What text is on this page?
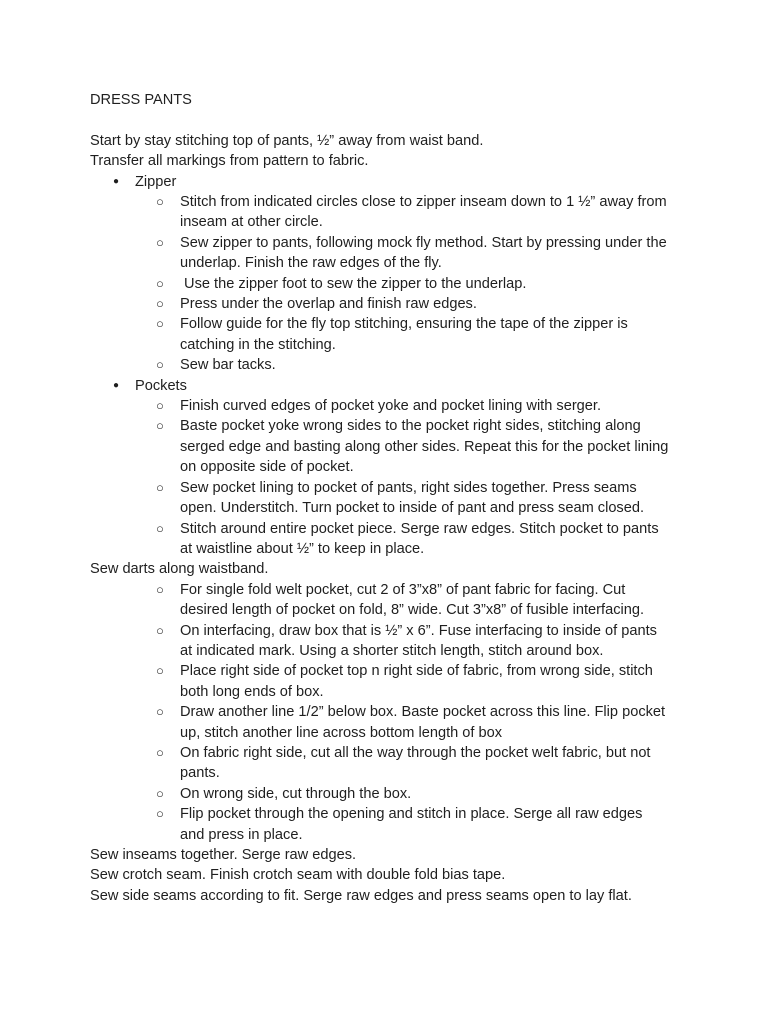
DRESS PANTS
Start by stay stitching top of pants, ½” away from waist band.
Transfer all markings from pattern to fabric.
● Zipper
○ Stitch from indicated circles close to zipper inseam down to 1 ½” away from inseam at other circle.
○ Sew zipper to pants, following mock fly method. Start by pressing under the underlap. Finish the raw edges of the fly.
○ Use the zipper foot to sew the zipper to the underlap.
○ Press under the overlap and finish raw edges.
○ Follow guide for the fly top stitching, ensuring the tape of the zipper is catching in the stitching.
○ Sew bar tacks.
● Pockets
○ Finish curved edges of pocket yoke and pocket lining with serger.
○ Baste pocket yoke wrong sides to the pocket right sides, stitching along serged edge and basting along other sides. Repeat this for the pocket lining on opposite side of pocket.
○ Sew pocket lining to pocket of pants, right sides together. Press seams open. Understitch. Turn pocket to inside of pant and press seam closed.
○ Stitch around entire pocket piece. Serge raw edges. Stitch pocket to pants at waistline about ½” to keep in place.
Sew darts along waistband.
○ For single fold welt pocket, cut 2 of 3”x8” of pant fabric for facing. Cut desired length of pocket on fold, 8” wide. Cut 3”x8” of fusible interfacing.
○ On interfacing, draw box that is ½” x 6”. Fuse interfacing to inside of pants at indicated mark. Using a shorter stitch length, stitch around box.
○ Place right side of pocket top n right side of fabric, from wrong side, stitch both long ends of box.
○ Draw another line 1/2” below box. Baste pocket across this line. Flip pocket up, stitch another line across bottom length of box
○ On fabric right side, cut all the way through the pocket welt fabric, but not pants.
○ On wrong side, cut through the box.
○ Flip pocket through the opening and stitch in place. Serge all raw edges and press in place.
Sew inseams together. Serge raw edges.
Sew crotch seam. Finish crotch seam with double fold bias tape.
Sew side seams according to fit. Serge raw edges and press seams open to lay flat.
